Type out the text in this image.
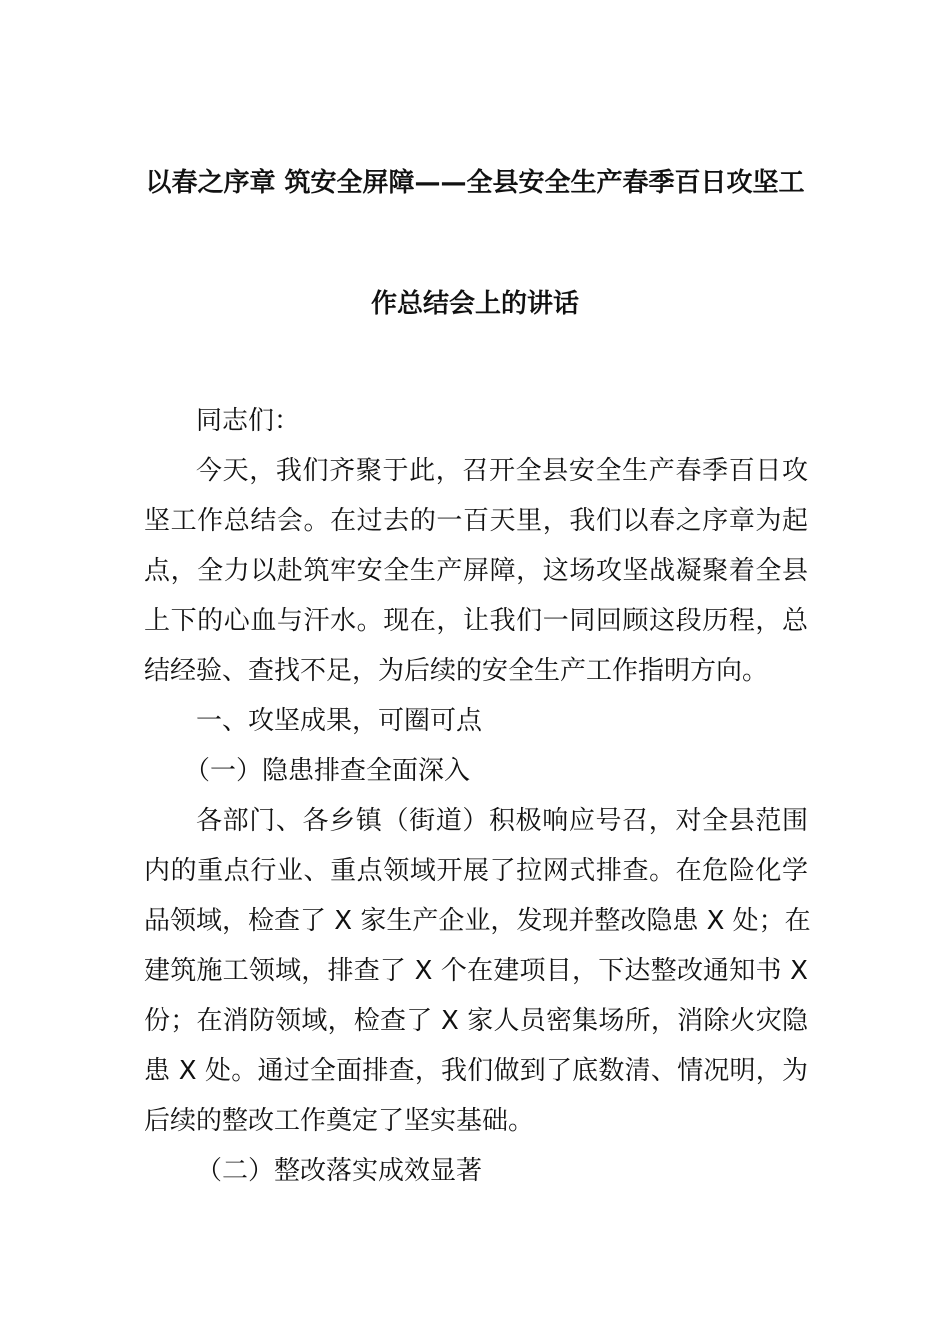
以春之序章 筑安全屏障——全县安全生产春季百日攻坚工
作总结会上的讲话
同志们：
今天，我们齐聚于此，召开全县安全生产春季百日攻
坚工作总结会。在过去的一百天里，我们以春之序章为起
点，全力以赴筑牢安全生产屏障，这场攻坚战凝聚着全县
上下的心血与汗水。现在，让我们一同回顾这段历程，总
结经验、查找不足，为后续的安全生产工作指明方向。
一、攻坚成果，可圈可点
（一）隐患排查全面深入
各部门、各乡镇（街道）积极响应号召，对全县范围
内的重点行业、重点领域开展了拉网式排查。在危险化学
品领域，检查了 X 家生产企业，发现并整改隐患 X 处；在
建筑施工领域，排查了 X 个在建项目，下达整改通知书 X
份；在消防领域，检查了 X 家人员密集场所，消除火灾隐
患 X 处。通过全面排查，我们做到了底数清、情况明，为
后续的整改工作奠定了坚实基础。
（二）整改落实成效显著
